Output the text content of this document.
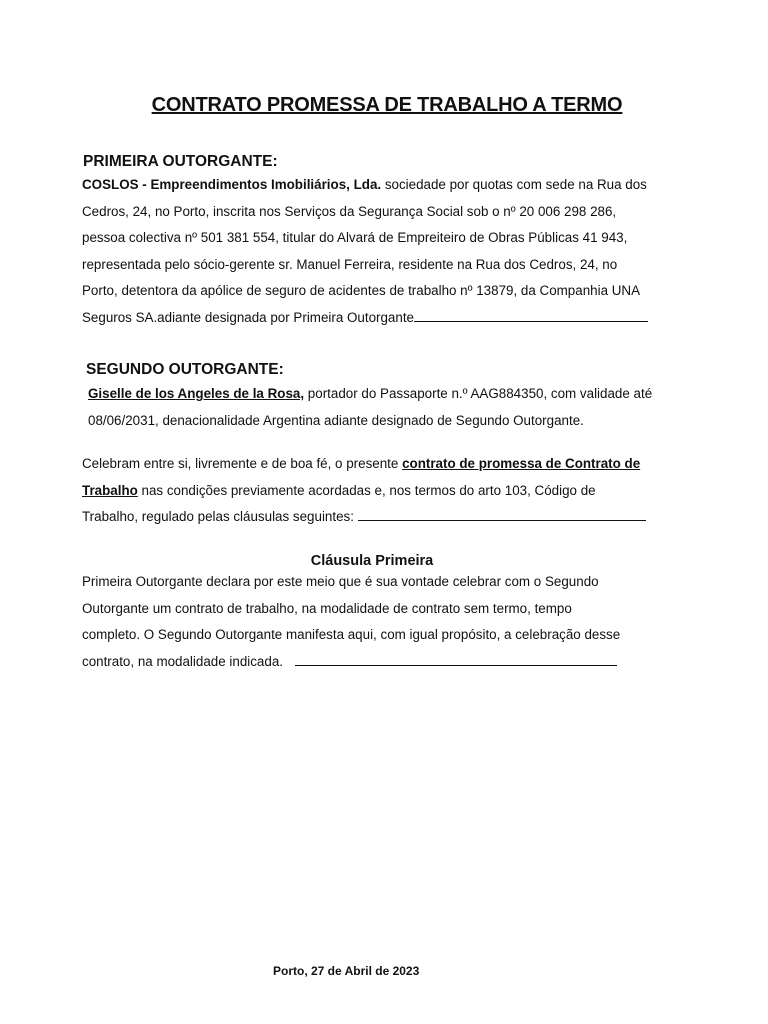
CONTRATO PROMESSA DE TRABALHO A TERMO
PRIMEIRA OUTORGANTE:
COSLOS - Empreendimentos Imobiliários, Lda. sociedade por quotas com sede na Rua dos
Cedros, 24, no Porto, inscrita nos Serviços da Segurança Social sob o nº 20 006 298 286,
pessoa colectiva nº 501 381 554, titular do Alvará de Empreiteiro de Obras Públicas 41 943,
representada pelo sócio-gerente sr. Manuel Ferreira, residente na Rua dos Cedros, 24, no
Porto, detentora da apólice de seguro de acidentes de trabalho nº 13879, da Companhia UNA
Seguros SA.adiante designada por Primeira Outorgante
SEGUNDO OUTORGANTE:
Giselle de los Angeles de la Rosa, portador do Passaporte n.º AAG884350, com validade até
08/06/2031, denacionalidade Argentina adiante designado de Segundo Outorgante.
Celebram entre si, livremente e de boa fé, o presente contrato de promessa de Contrato de
Trabalho nas condições previamente acordadas e, nos termos do arto 103, Código de
Trabalho, regulado pelas cláusulas seguintes:
Cláusula Primeira
Primeira Outorgante declara por este meio que é sua vontade celebrar com o Segundo
Outorgante um contrato de trabalho, na modalidade de contrato sem termo, tempo
completo. O Segundo Outorgante manifesta aqui, com igual propósito, a celebração desse
contrato, na modalidade indicada.
Porto, 27 de Abril de 2023
